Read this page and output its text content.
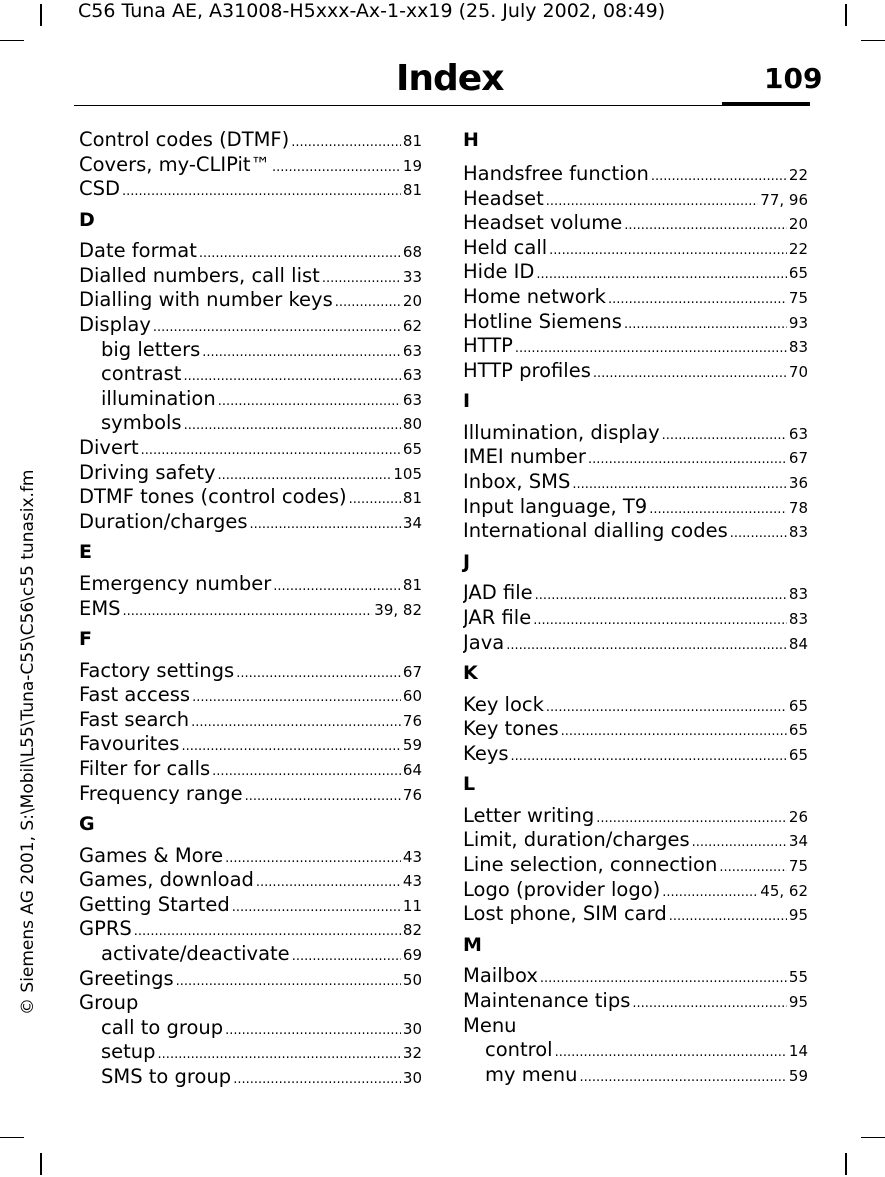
C56 Tuna AE, A31008-H5xxx-Ax-1-xx19 (25. July 2002, 08:49)
Index	109
© Siemens AG 2001, S:\Mobil\L55\Tuna-C55\C56\c55 tunasix.fm
Control codes (DTMF) .....	81
Covers, my-CLIPit™ .....	19
CSD .....	81
D
Date format .....	68
Dialled numbers, call list .....	33
Dialling with number keys .....	20
Display .....	62
big letters .....	63
contrast .....	63
illumination .....	63
symbols .....	80
Divert .....	65
Driving safety .....	105
DTMF tones (control codes) .....	81
Duration/charges .....	34
E
Emergency number .....	81
EMS .....	39, 82
F
Factory settings .....	67
Fast access .....	60
Fast search .....	76
Favourites .....	59
Filter for calls .....	64
Frequency range .....	76
G
Games & More .....	43
Games, download .....	43
Getting Started .....	11
GPRS .....	82
activate/deactivate .....	69
Greetings .....	50
Group
call to group .....	30
setup .....	32
SMS to group .....	30
H
Handsfree function .....	22
Headset .....	77, 96
Headset volume .....	20
Held call .....	22
Hide ID .....	65
Home network .....	75
Hotline Siemens .....	93
HTTP .....	83
HTTP profiles .....	70
I
Illumination, display .....	63
IMEI number .....	67
Inbox, SMS .....	36
Input language, T9 .....	78
International dialling codes .....	83
J
JAD file .....	83
JAR file .....	83
Java .....	84
K
Key lock .....	65
Key tones .....	65
Keys .....	65
L
Letter writing .....	26
Limit, duration/charges .....	34
Line selection, connection .....	75
Logo (provider logo) .....	45, 62
Lost phone, SIM card .....	95
M
Mailbox .....	55
Maintenance tips .....	95
Menu
control .....	14
my menu .....	59
